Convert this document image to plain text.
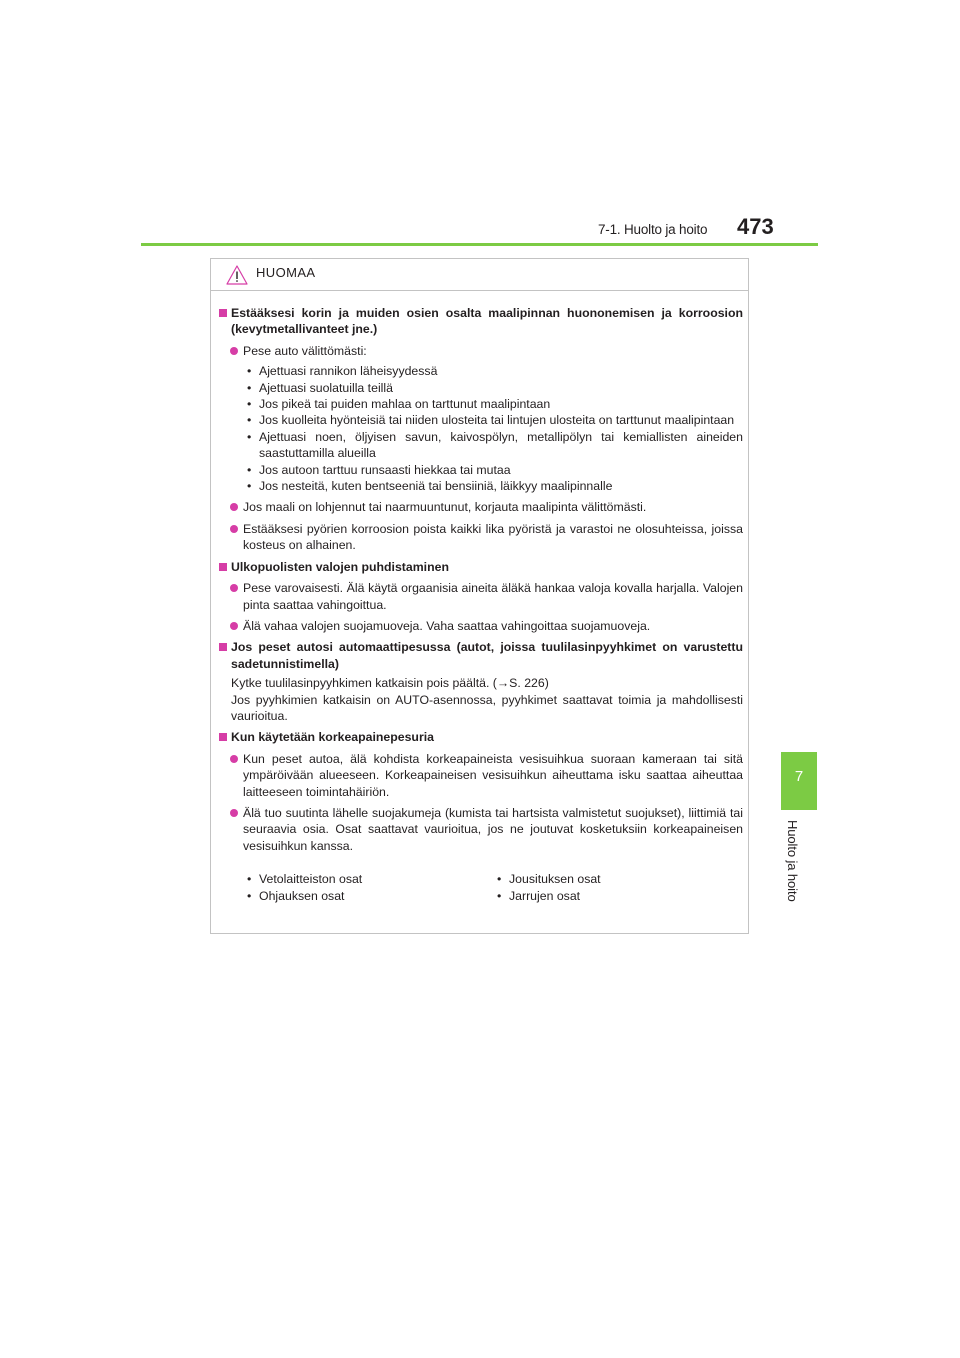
7-1. Huolto ja hoito 473
7
Huolto ja hoito
HUOMAA
Estääksesi korin ja muiden osien osalta maalipinnan huononemisen ja korroosion (kevytmetallivanteet jne.)
Pese auto välittömästi:
• Ajettuasi rannikon läheisyydessä
• Ajettuasi suolatuilla teillä
• Jos pikeä tai puiden mahlaa on tarttunut maalipintaan
• Jos kuolleita hyönteisiä tai niiden ulosteita tai lintujen ulosteita on tarttunut maalipintaan
• Ajettuasi noen, öljyisen savun, kaivospölyn, metallipölyn tai kemiallisten aineiden saastuttamilla alueilla
• Jos autoon tarttuu runsaasti hiekkaa tai mutaa
• Jos nesteitä, kuten bentseeniä tai bensiiniä, läikkyy maalipinnalle
Jos maali on lohjennut tai naarmuuntunut, korjauta maalipinta välittömästi.
Estääksesi pyörien korroosion poista kaikki lika pyöristä ja varastoi ne olosuhteissa, joissa kosteus on alhainen.
Ulkopuolisten valojen puhdistaminen
Pese varovaisesti. Älä käytä orgaanisia aineita äläkä hankaa valoja kovalla harjalla. Valojen pinta saattaa vahingoittua.
Älä vahaa valojen suojamuoveja. Vaha saattaa vahingoittaa suojamuoveja.
Jos peset autosi automaattipesussa (autot, joissa tuulilasinpyyhkimet on varustettu sadetunnistimella)
Kytke tuulilasinpyyhkimen katkaisin pois päältä. (→S. 226)
Jos pyyhkimien katkaisin on AUTO-asennossa, pyyhkimet saattavat toimia ja mahdollisesti vaurioitua.
Kun käytetään korkeapainepesuria
Kun peset autoa, älä kohdista korkeapaineista vesisuihkua suoraan kameraan tai sitä ympäröivään alueeseen. Korkeapaineisen vesisuihkun aiheuttama isku saattaa aiheuttaa laitteeseen toimintahäiriön.
Älä tuo suutinta lähelle suojakumeja (kumista tai hartsista valmistetut suojukset), liittimiä tai seuraavia osia. Osat saattavat vaurioitua, jos ne joutuvat kosketuksiin korkeapaineisen vesisuihkun kanssa.
• Vetolaitteiston osat	• Jousituksen osat
• Ohjauksen osat	• Jarrujen osat
